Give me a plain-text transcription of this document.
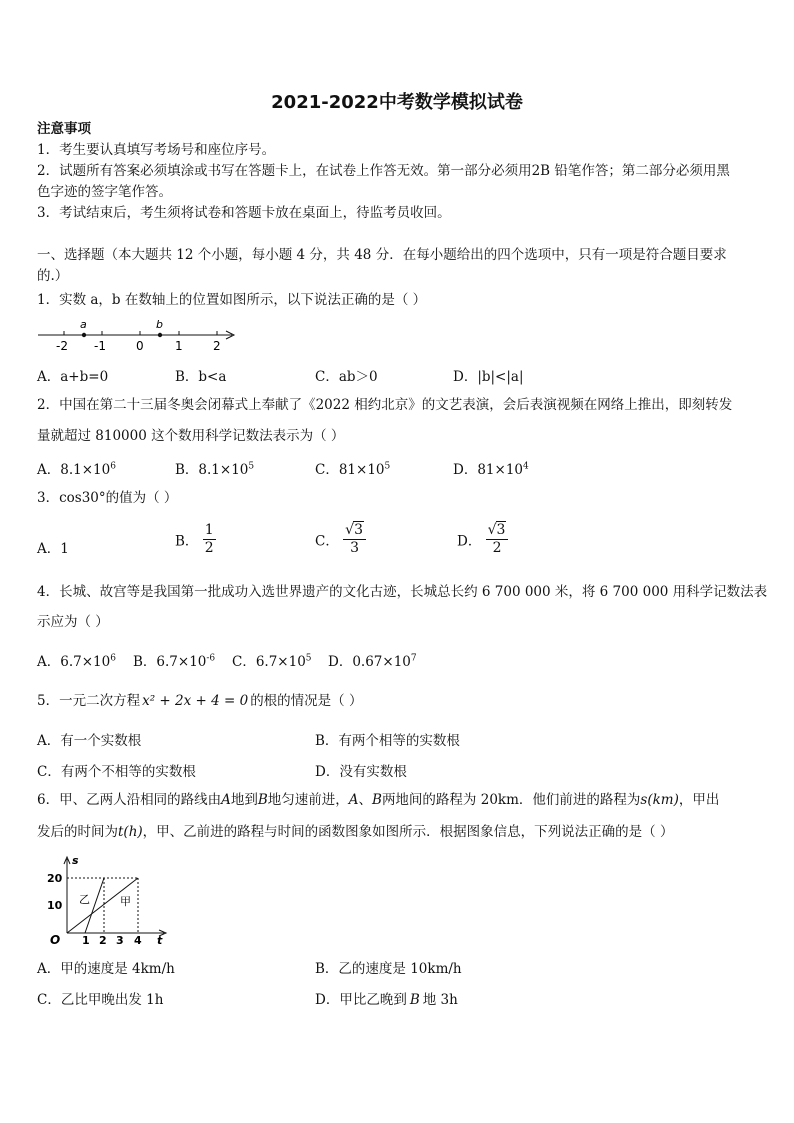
2021-2022中考数学模拟试卷
注意事项
1．考生要认真填写考场号和座位序号。
2．试题所有答案必须填涂或书写在答题卡上，在试卷上作答无效。第一部分必须用2B 铅笔作答；第二部分必须用黑
色字迹的签字笔作答。
3．考试结束后，考生须将试卷和答题卡放在桌面上，待监考员收回。
一、选择题（本大题共 12 个小题，每小题 4 分，共 48 分．在每小题给出的四个选项中，只有一项是符合题目要求
的.）
1．实数 a，b 在数轴上的位置如图所示，以下说法正确的是（ ）
a	b
-2 -1	0	1	2
A．a+b=0	B．b<a	C．ab＞0	D．|b|<|a|
2．中国在第二十三届冬奥会闭幕式上奉献了《2022 相约北京》的文艺表演，会后表演视频在网络上推出，即刻转发
量就超过 810000 这个数用科学记数法表示为（ ）
A．$8.1\times 10^6$	B．$8.1\times 10^5$	C．$81\times 10^5$	D．$81\times 10^4$
3．cos30°的值为（ ）
A．1	B． $\frac{1}{2}$	C． $\frac{√3}{3}$	D． $\frac{√3}{2}$
4．长城、故宫等是我国第一批成功入选世界遗产的文化古迹，长城总长约 6 700 000 米，将 6 700 000 用科学记数法表
示应为（ ）
A．$6.7\times 10^6$ B．$6.7\times 10^{-6}$ C．$6.7\times 10^5$ D．$0.67\times 10^7$
5．一元二次方程 x² + 2x + 4 = 0 的根的情况是（ ）
A．有一个实数根	B．有两个相等的实数根
C．有两个不相等的实数根	D．没有实数根
6．甲、乙两人沿相同的路线由A地到B地匀速前进，A、B两地间的路程为 20km．他们前进的路程为s(km)，甲出
发后的时间为t(h)，甲、乙前进的路程与时间的函数图象如图所示．根据图象信息，下列说法正确的是（ ）
s
t
O
20
10
1 2 3 4
乙	甲
A．甲的速度是 4km/h	B．乙的速度是 10km/h
C．乙比甲晚出发 1h	D．甲比乙晚到 B 地 3h
